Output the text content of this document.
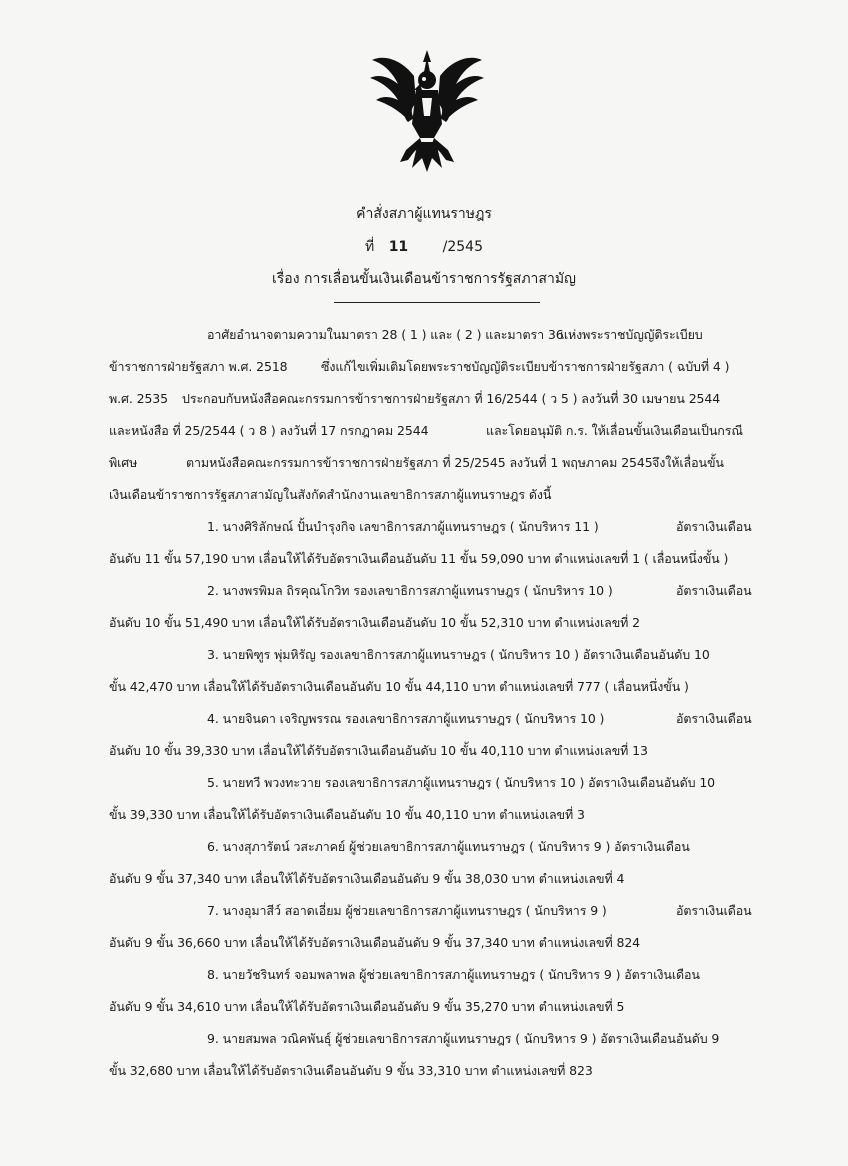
คำสั่งสภาผู้แทนราษฎร
ที่ 11 /2545
เรื่อง การเลื่อนขั้นเงินเดือนข้าราชการรัฐสภาสามัญ
อาศัยอำนาจตามความในมาตรา 28 ( 1 ) และ ( 2 ) และมาตรา 36
แห่งพระราชบัญญัติระเบียบ
ข้าราชการฝ่ายรัฐสภา พ.ศ. 2518	ซึ่งแก้ไขเพิ่มเติมโดยพระราชบัญญัติระเบียบข้าราชการฝ่ายรัฐสภา ( ฉบับที่ 4 )
พ.ศ. 2535 ประกอบกับหนังสือคณะกรรมการข้าราชการฝ่ายรัฐสภา ที่ 16/2544 ( ว 5 ) ลงวันที่ 30 เมษายน 2544
และหนังสือ ที่ 25/2544 ( ว 8 ) ลงวันที่ 17 กรกฎาคม 2544	และโดยอนุมัติ ก.ร. ให้เลื่อนขั้นเงินเดือนเป็นกรณี
พิเศษ	ตามหนังสือคณะกรรมการข้าราชการฝ่ายรัฐสภา ที่ 25/2545 ลงวันที่ 1 พฤษภาคม 2545 จึงให้เลื่อนขั้น
เงินเดือนข้าราชการรัฐสภาสามัญในสังกัดสำนักงานเลขาธิการสภาผู้แทนราษฎร ดังนี้
1. นางศิริลักษณ์ ปั้นบำรุงกิจ เลขาธิการสภาผู้แทนราษฎร ( นักบริหาร 11 )	อัตราเงินเดือน
อันดับ 11 ขั้น 57,190 บาท เลื่อนให้ได้รับอัตราเงินเดือนอันดับ 11 ขั้น 59,090 บาท ตำแหน่งเลขที่ 1 ( เลื่อนหนึ่งขั้น )
2. นางพรพิมล ถิรคุณโกวิท รองเลขาธิการสภาผู้แทนราษฎร ( นักบริหาร 10 )	อัตราเงินเดือน
อันดับ 10 ขั้น 51,490 บาท เลื่อนให้ได้รับอัตราเงินเดือนอันดับ 10 ขั้น 52,310 บาท ตำแหน่งเลขที่ 2
3. นายพิฑูร พุ่มหิรัญ รองเลขาธิการสภาผู้แทนราษฎร ( นักบริหาร 10 ) อัตราเงินเดือนอันดับ 10
ขั้น 42,470 บาท เลื่อนให้ได้รับอัตราเงินเดือนอันดับ 10 ขั้น 44,110 บาท ตำแหน่งเลขที่ 777 ( เลื่อนหนึ่งขั้น )
4. นายจินดา เจริญพรรณ รองเลขาธิการสภาผู้แทนราษฎร ( นักบริหาร 10 )	อัตราเงินเดือน
อันดับ 10 ขั้น 39,330 บาท เลื่อนให้ได้รับอัตราเงินเดือนอันดับ 10 ขั้น 40,110 บาท ตำแหน่งเลขที่ 13
5. นายทวี พวงทะวาย รองเลขาธิการสภาผู้แทนราษฎร ( นักบริหาร 10 ) อัตราเงินเดือนอันดับ 10
ขั้น 39,330 บาท เลื่อนให้ได้รับอัตราเงินเดือนอันดับ 10 ขั้น 40,110 บาท ตำแหน่งเลขที่ 3
6. นางสุภารัตน์ วสะภาคย์ ผู้ช่วยเลขาธิการสภาผู้แทนราษฎร ( นักบริหาร 9 ) อัตราเงินเดือน
อันดับ 9 ขั้น 37,340 บาท เลื่อนให้ได้รับอัตราเงินเดือนอันดับ 9 ขั้น 38,030 บาท ตำแหน่งเลขที่ 4
7. นางอุมาสีว์ สอาดเอี่ยม ผู้ช่วยเลขาธิการสภาผู้แทนราษฎร ( นักบริหาร 9 )	อัตราเงินเดือน
อันดับ 9 ขั้น 36,660 บาท เลื่อนให้ได้รับอัตราเงินเดือนอันดับ 9 ขั้น 37,340 บาท ตำแหน่งเลขที่ 824
8. นายวัชรินทร์ จอมพลาพล ผู้ช่วยเลขาธิการสภาผู้แทนราษฎร ( นักบริหาร 9 ) อัตราเงินเดือน
อันดับ 9 ขั้น 34,610 บาท เลื่อนให้ได้รับอัตราเงินเดือนอันดับ 9 ขั้น 35,270 บาท ตำแหน่งเลขที่ 5
9. นายสมพล วณิคพันธุ์ ผู้ช่วยเลขาธิการสภาผู้แทนราษฎร ( นักบริหาร 9 ) อัตราเงินเดือนอันดับ 9
ขั้น 32,680 บาท เลื่อนให้ได้รับอัตราเงินเดือนอันดับ 9 ขั้น 33,310 บาท ตำแหน่งเลขที่ 823
